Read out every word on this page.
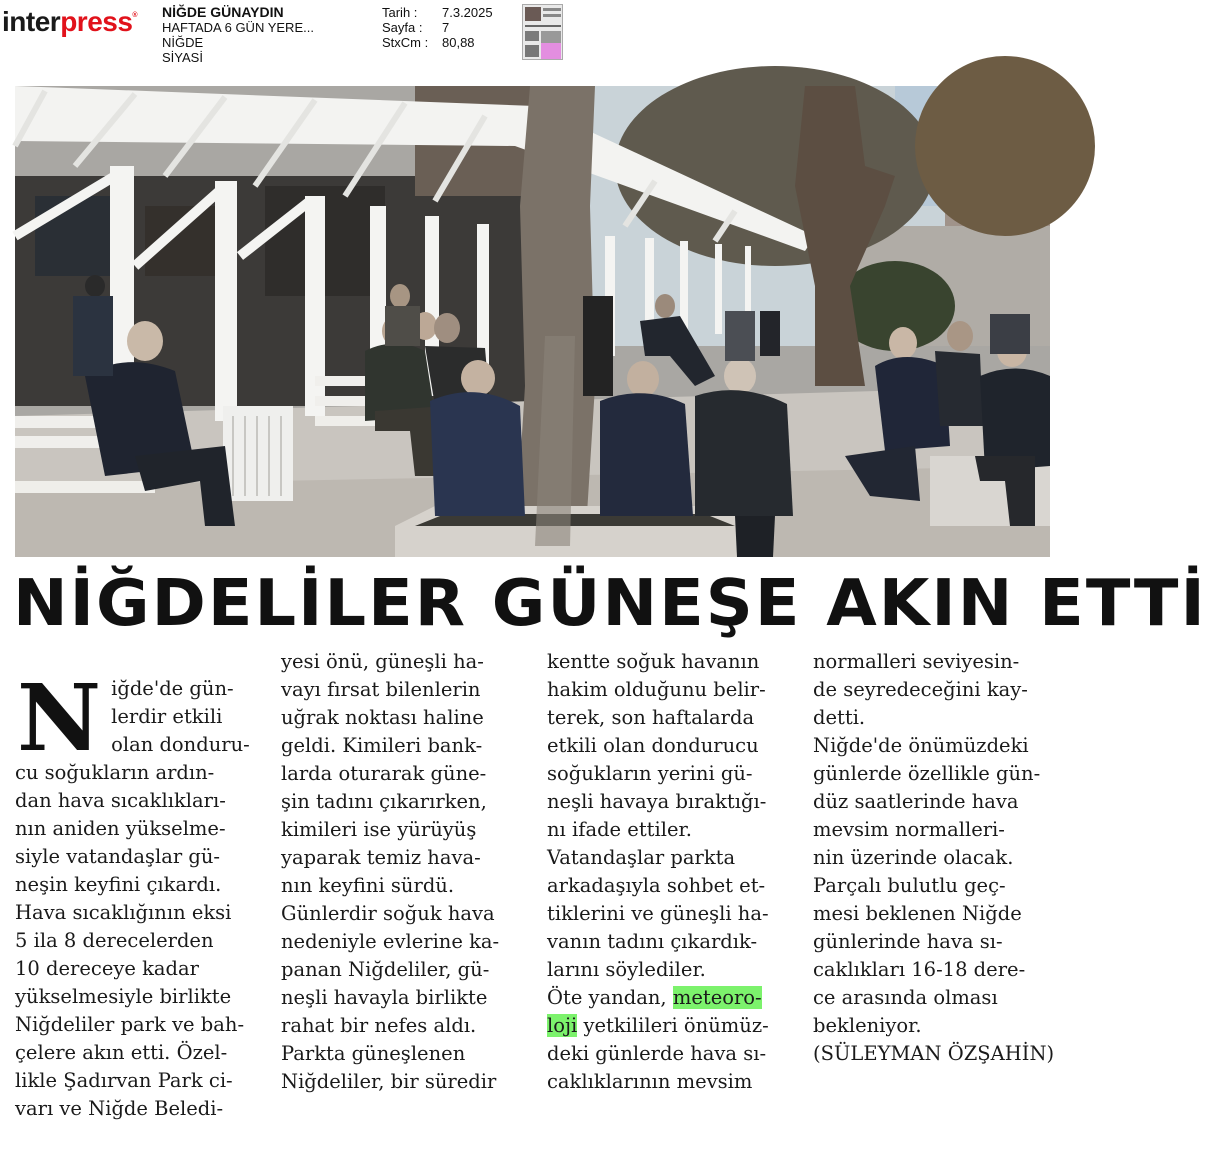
interpress® NİĞDE GÜNAYDIN
HAFTADA 6 GÜN YERE...
NİĞDE
SİYASİ
Tarih :	7.3.2025
Sayfa :	7
StxCm :	80,88
NİĞDELİLER GÜNEŞE AKIN ETTİ

Niğde'de gün-
lerdir etkili
olan donduru-

cu soğukların ardın-
dan hava sıcaklıkları-
nın aniden yükselme-
siyle vatandaşlar gü-
neşin keyfini çıkardı.
Hava sıcaklığının eksi
5 ila 8 derecelerden
10 dereceye kadar
yükselmesiyle birlikte
Niğdeliler park ve bah-
çelere akın etti. Özel-
likle Şadırvan Park ci-
varı ve Niğde Beledi-

yesi önü, güneşli ha-
vayı fırsat bilenlerin
uğrak noktası haline
geldi. Kimileri bank-
larda oturarak güne-
şin tadını çıkarırken,
kimileri ise yürüyüş
yaparak temiz hava-
nın keyfini sürdü.
Günlerdir soğuk hava
nedeniyle evlerine ka-
panan Niğdeliler, gü-
neşli havayla birlikte
rahat bir nefes aldı.
Parkta güneşlenen
Niğdeliler, bir süredir
kentte soğuk havanın
hakim olduğunu belir-
terek, son haftalarda
etkili olan dondurucu
soğukların yerini gü-
neşli havaya bıraktığı-
nı ifade ettiler.
Vatandaşlar parkta
arkadaşıyla sohbet et-
tiklerini ve güneşli ha-
vanın tadını çıkardık-
larını söylediler.
Öte yandan, meteoro-
loji yetkilileri önümüz-
deki günlerde hava sı-
caklıklarının mevsim
normalleri seviyesin-
de seyredeceğini kay-
detti.
Niğde'de önümüzdeki
günlerde özellikle gün-
düz saatlerinde hava
mevsim normalleri-
nin üzerinde olacak.
Parçalı bulutlu geç-
mesi beklenen Niğde
günlerinde hava sı-
caklıkları 16-18 dere-
ce arasında olması
bekleniyor.
(SÜLEYMAN ÖZŞAHİN)
